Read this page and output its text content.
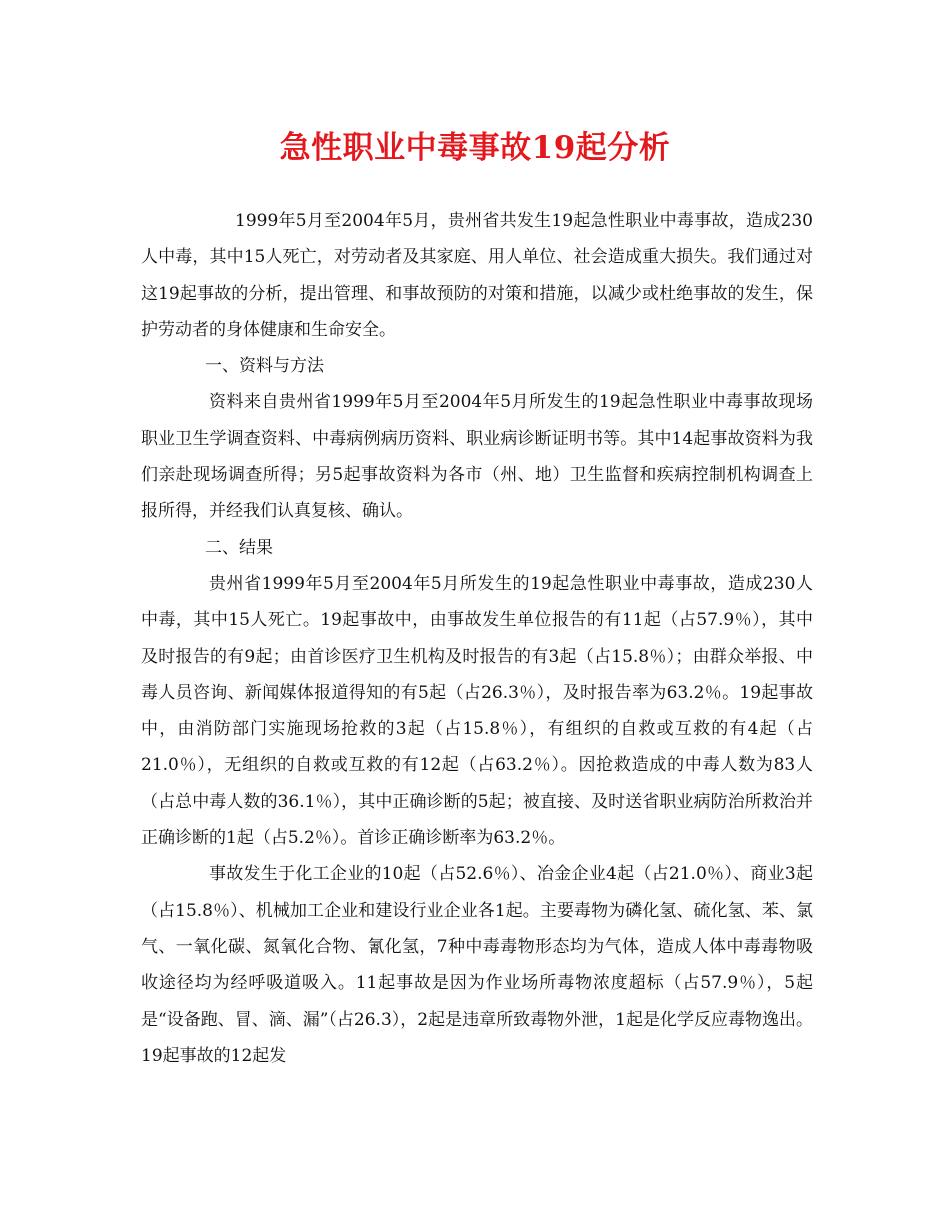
急性职业中毒事故19起分析

1999年5月至2004年5月，贵州省共发生19起急性职业中毒事故，造成230人中毒，其中15人死亡，对劳动者及其家庭、用人单位、社会造成重大损失。我们通过对这19起事故的分析，提出管理、和事故预防的对策和措施，以减少或杜绝事故的发生，保护劳动者的身体健康和生命安全。

一、资料与方法

资料来自贵州省1999年5月至2004年5月所发生的19起急性职业中毒事故现场职业卫生学调查资料、中毒病例病历资料、职业病诊断证明书等。其中14起事故资料为我们亲赴现场调查所得；另5起事故资料为各市（州、地）卫生监督和疾病控制机构调查上报所得，并经我们认真复核、确认。

二、结果

贵州省1999年5月至2004年5月所发生的19起急性职业中毒事故，造成230人中毒，其中15人死亡。19起事故中，由事故发生单位报告的有11起（占57.9％），其中及时报告的有9起；由首诊医疗卫生机构及时报告的有3起（占15.8％）；由群众举报、中毒人员咨询、新闻媒体报道得知的有5起（占26.3％），及时报告率为63.2％。19起事故中，由消防部门实施现场抢救的3起（占15.8％），有组织的自救或互救的有4起（占21.0％），无组织的自救或互救的有12起（占63.2％）。因抢救造成的中毒人数为83人（占总中毒人数的36.1％），其中正确诊断的5起；被直接、及时送省职业病防治所救治并正确诊断的1起（占5.2％）。首诊正确诊断率为63.2％。

事故发生于化工企业的10起（占52.6％）、冶金企业4起（占21.0％）、商业3起（占15.8％）、机械加工企业和建设行业企业各1起。主要毒物为磷化氢、硫化氢、苯、氯气、一氧化碳、氮氧化合物、氰化氢，7种中毒毒物形态均为气体，造成人体中毒毒物吸收途径均为经呼吸道吸入。11起事故是因为作业场所毒物浓度超标（占57.9％），5起是“设备跑、冒、滴、漏”（占26.3），2起是违章所致毒物外泄，1起是化学反应毒物逸出。19起事故的12起发
